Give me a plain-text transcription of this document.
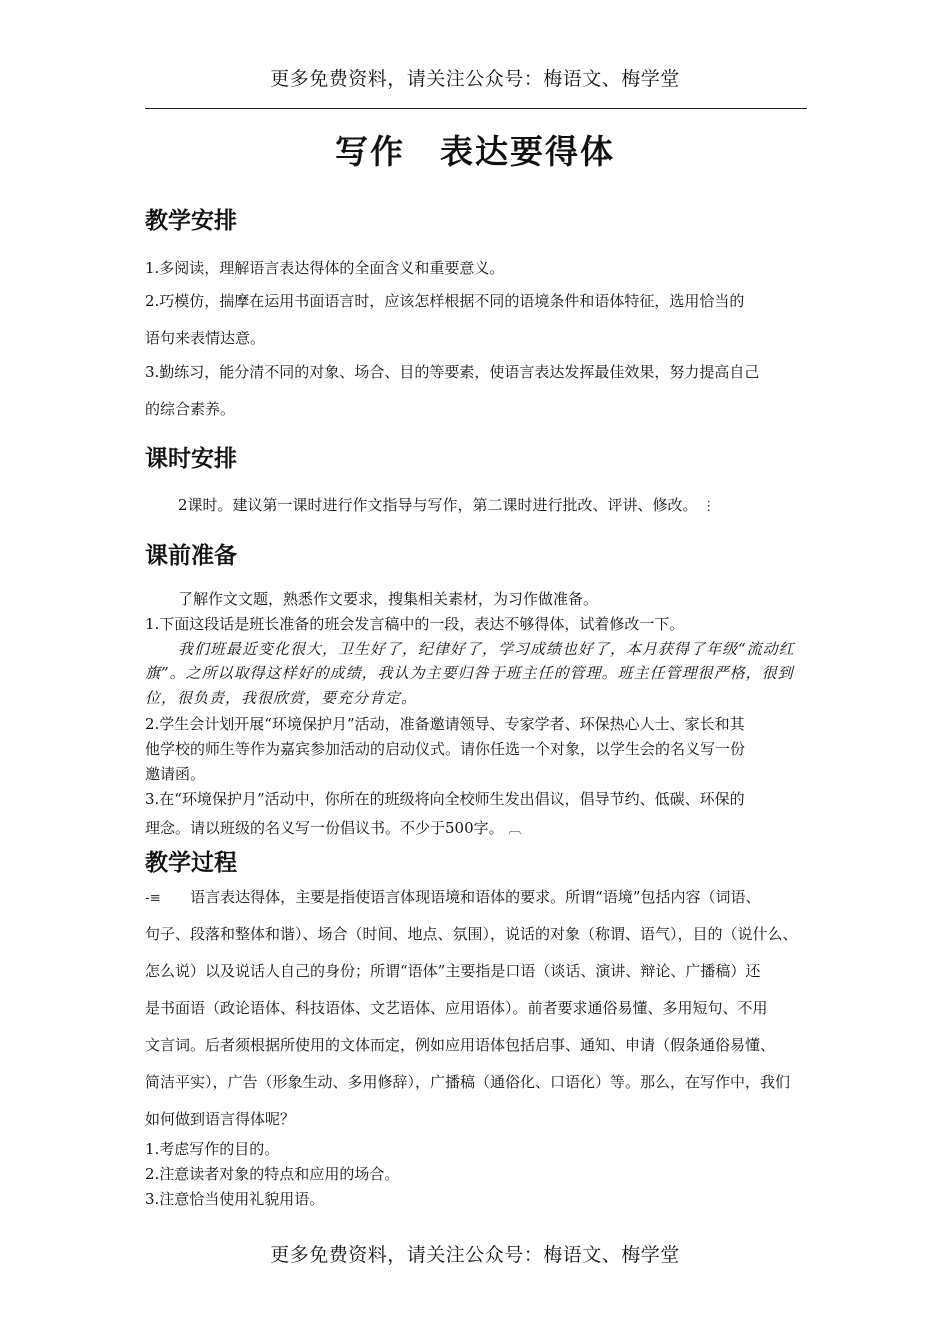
更多免费资料，请关注公众号：梅语文、梅学堂
写作　表达要得体
教学安排
1.多阅读，理解语言表达得体的全面含义和重要意义。
2.巧模仿，揣摩在运用书面语言时，应该怎样根据不同的语境条件和语体特征，选用恰当的
语句来表情达意。
3.勤练习，能分清不同的对象、场合、目的等要素，使语言表达发挥最佳效果，努力提高自己
的综合素养。
课时安排
2课时。建议第一课时进行作文指导与写作，第二课时进行批改、评讲、修改。 ⋮
课前准备
了解作文文题，熟悉作文要求，搜集相关素材，为习作做准备。
1.下面这段话是班长准备的班会发言稿中的一段，表达不够得体，试着修改一下。
我们班最近变化很大，卫生好了，纪律好了，学习成绩也好了，本月获得了年级“流动红
旗”。之所以取得这样好的成绩，我认为主要归咎于班主任的管理。班主任管理很严格，很到
位，很负责，我很欣赏，要充分肯定。
2.学生会计划开展“环境保护月”活动，准备邀请领导、专家学者、环保热心人士、家长和其
他学校的师生等作为嘉宾参加活动的启动仪式。请你任选一个对象，以学生会的名义写一份
邀请函。
3.在“环境保护月”活动中，你所在的班级将向全校师生发出倡议，倡导节约、低碳、环保的
理念。请以班级的名义写一份倡议书。不少于500字。 ︹
教学过程
-≡ 语言表达得体，主要是指使语言体现语境和语体的要求。所谓“语境”包括内容（词语、
句子、段落和整体和谐）、场合（时间、地点、氛围），说话的对象（称谓、语气），目的（说什么、
怎么说）以及说话人自己的身份；所谓“语体”主要指是口语（谈话、演讲、辩论、广播稿）还
是书面语（政论语体、科技语体、文艺语体、应用语体）。前者要求通俗易懂、多用短句、不用
文言词。后者须根据所使用的文体而定，例如应用语体包括启事、通知、申请（假条通俗易懂、
简洁平实），广告（形象生动、多用修辞），广播稿（通俗化、口语化）等。那么，在写作中，我们
如何做到语言得体呢？
1.考虑写作的目的。
2.注意读者对象的特点和应用的场合。
3.注意恰当使用礼貌用语。
更多免费资料，请关注公众号：梅语文、梅学堂
